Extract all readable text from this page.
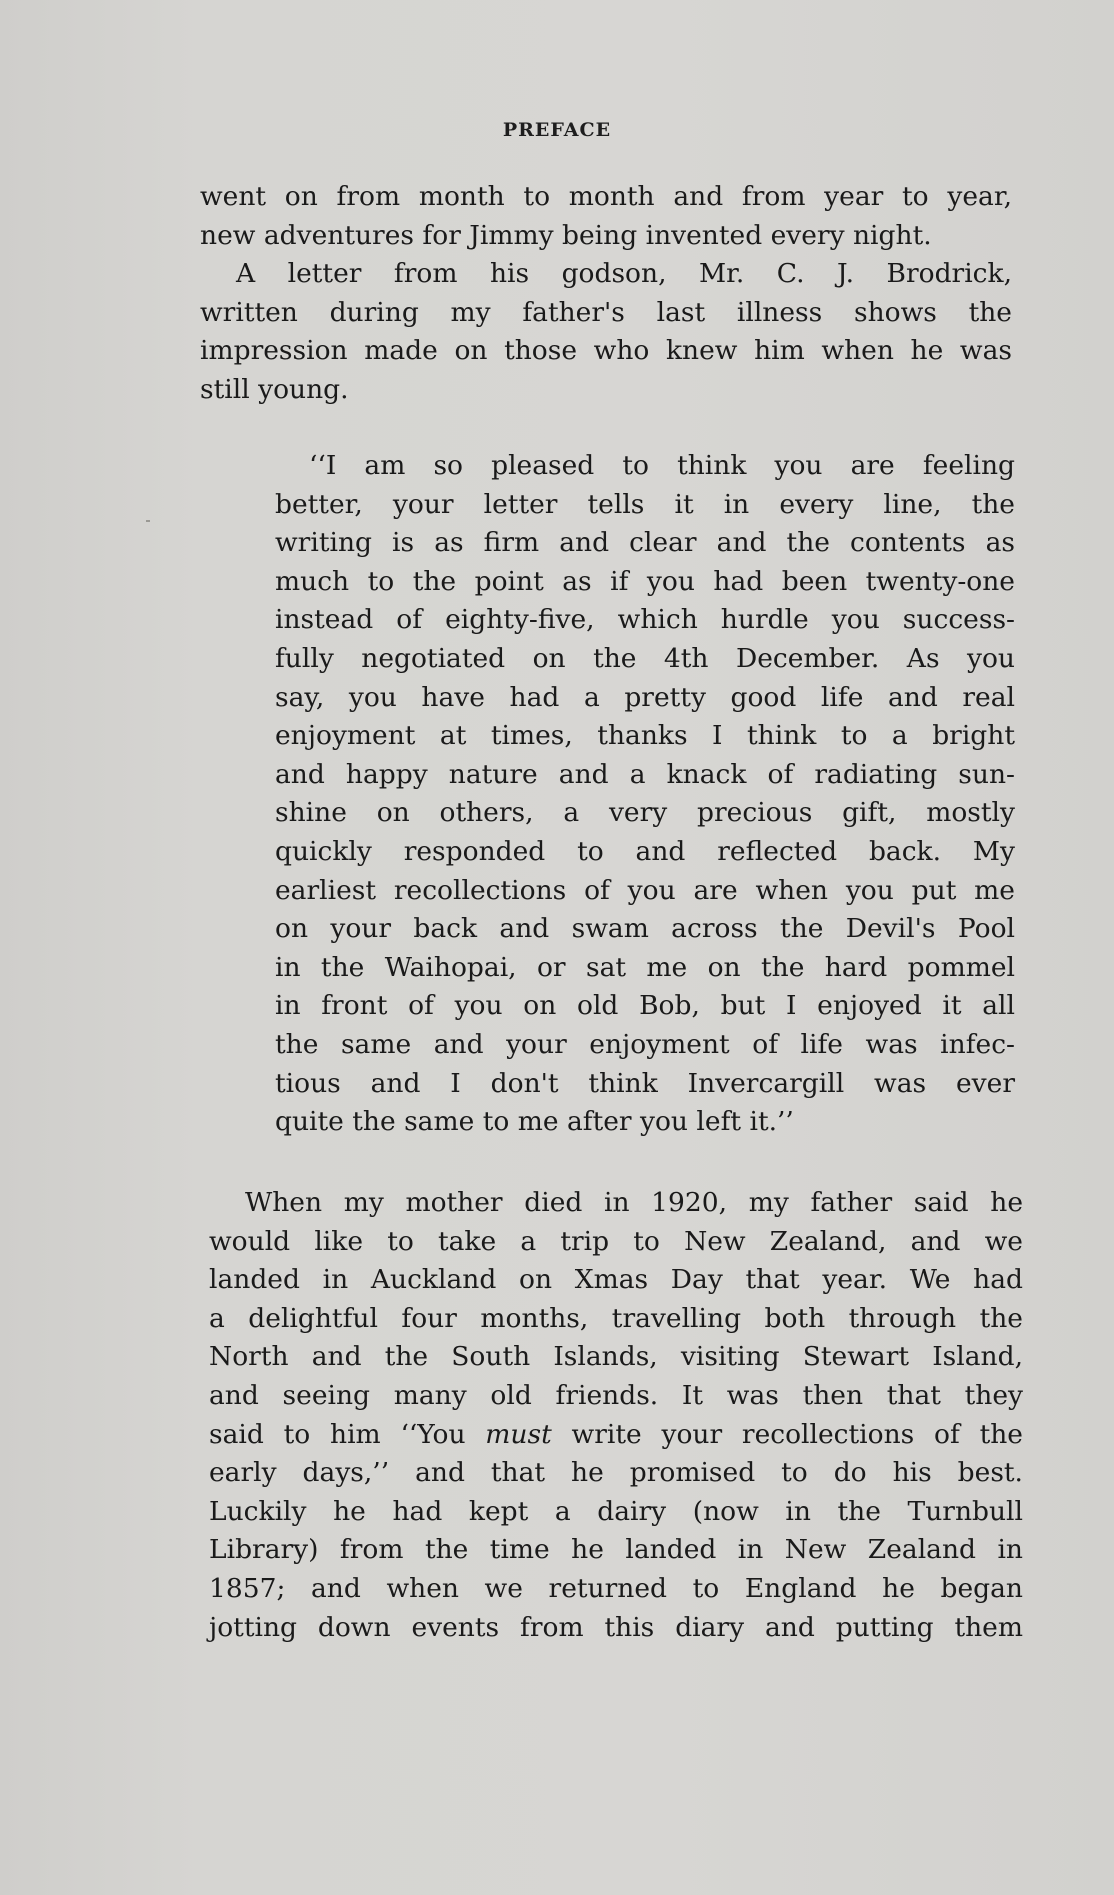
PREFACE
went on from month to month and from year to year,
new adventures for Jimmy being invented every night.
A letter from his godson, Mr. C. J. Brodrick,
written during my father's last illness shows the
impression made on those who knew him when he was
still young.
‘‘I am so pleased to think you are feeling
better, your letter tells it in every line, the
writing is as firm and clear and the contents as
much to the point as if you had been twenty-one
instead of eighty-five, which hurdle you success-
fully negotiated on the 4th December. As you
say, you have had a pretty good life and real
enjoyment at times, thanks I think to a bright
and happy nature and a knack of radiating sun-
shine on others, a very precious gift, mostly
quickly responded to and reflected back. My
earliest recollections of you are when you put me
on your back and swam across the Devil's Pool
in the Waihopai, or sat me on the hard pommel
in front of you on old Bob, but I enjoyed it all
the same and your enjoyment of life was infec-
tious and I don't think Invercargill was ever
quite the same to me after you left it.’’
When my mother died in 1920, my father said he
would like to take a trip to New Zealand, and we
landed in Auckland on Xmas Day that year. We had
a delightful four months, travelling both through the
North and the South Islands, visiting Stewart Island,
and seeing many old friends. It was then that they
said to him ‘‘You must write your recollections of the
early days,’’ and that he promised to do his best.
Luckily he had kept a dairy (now in the Turnbull
Library) from the time he landed in New Zealand in
1857; and when we returned to England he began
jotting down events from this diary and putting them
